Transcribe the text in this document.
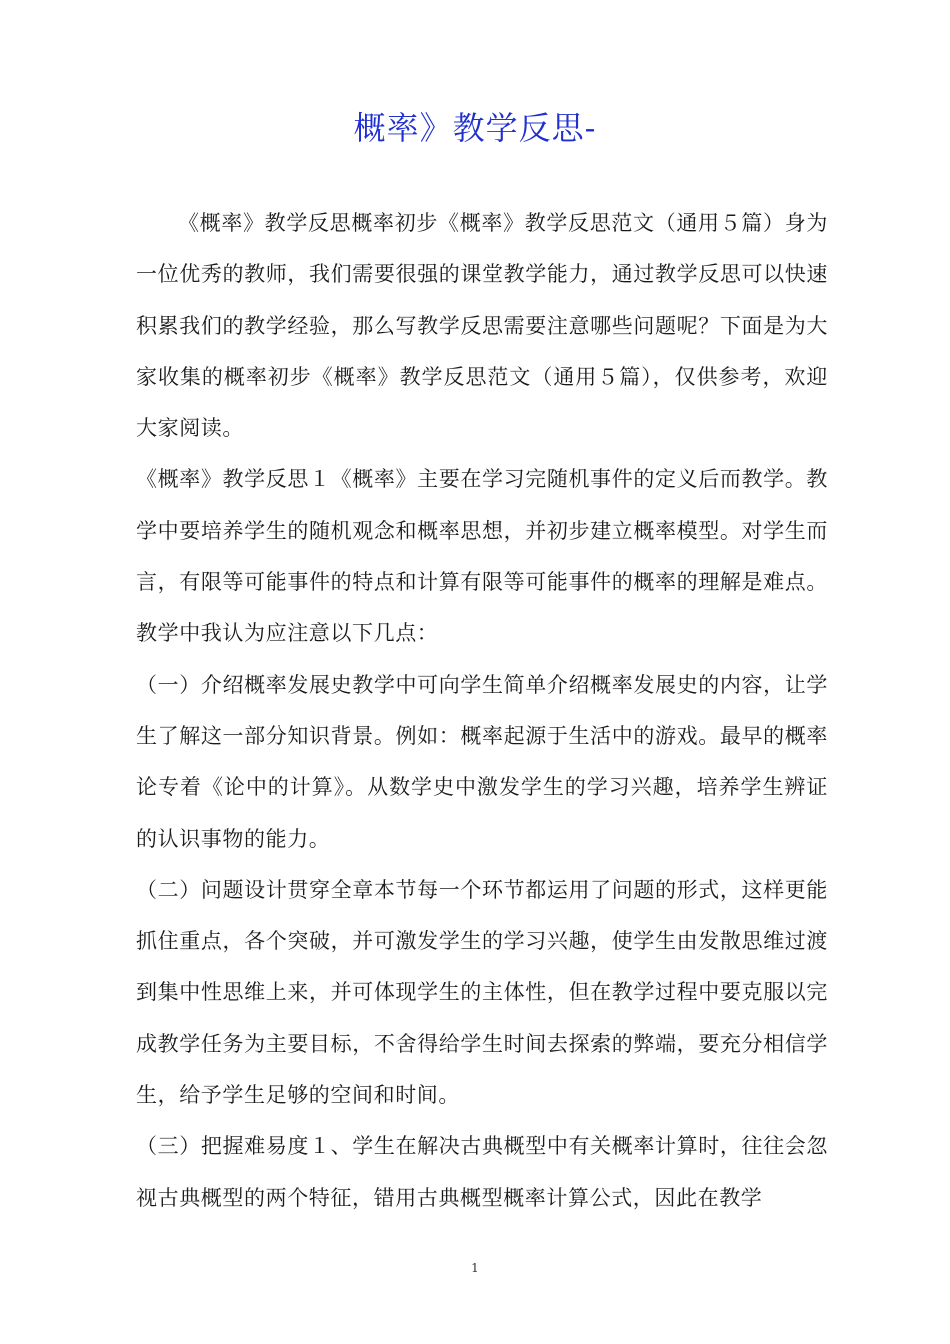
概率》教学反思-

《概率》教学反思概率初步《概率》教学反思范文（通用５篇）身为一位优秀的教师，我们需要很强的课堂教学能力，通过教学反思可以快速积累我们的教学经验，那么写教学反思需要注意哪些问题呢？下面是为大家收集的概率初步《概率》教学反思范文（通用５篇），仅供参考，欢迎大家阅读。

《概率》教学反思１《概率》主要在学习完随机事件的定义后而教学。教学中要培养学生的随机观念和概率思想，并初步建立概率模型。对学生而言，有限等可能事件的特点和计算有限等可能事件的概率的理解是难点。教学中我认为应注意以下几点：

（一）介绍概率发展史教学中可向学生简单介绍概率发展史的内容，让学生了解这一部分知识背景。例如：概率起源于生活中的游戏。最早的概率论专着《论中的计算》。从数学史中激发学生的学习兴趣，培养学生辨证的认识事物的能力。

（二）问题设计贯穿全章本节每一个环节都运用了问题的形式，这样更能抓住重点，各个突破，并可激发学生的学习兴趣，使学生由发散思维过渡到集中性思维上来，并可体现学生的主体性，但在教学过程中要克服以完成教学任务为主要目标，不舍得给学生时间去探索的弊端，要充分相信学生，给予学生足够的空间和时间。

（三）把握难易度１、学生在解决古典概型中有关概率计算时，往往会忽视古典概型的两个特征，错用古典概型概率计算公式，因此在教学

1
